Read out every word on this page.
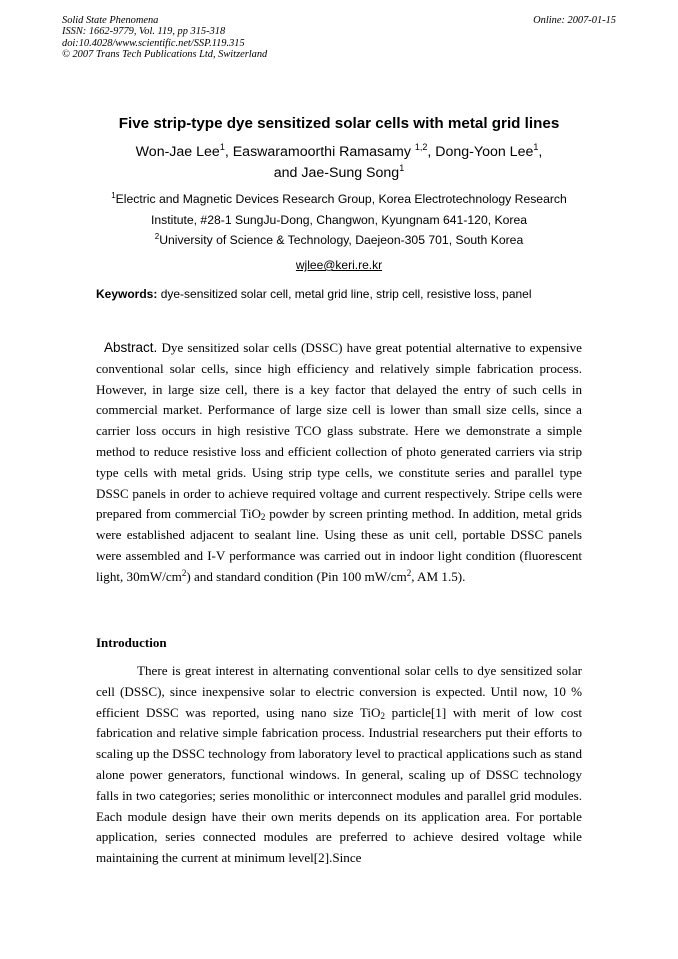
Solid State Phenomena
ISSN: 1662-9779, Vol. 119, pp 315-318
doi:10.4028/www.scientific.net/SSP.119.315
© 2007 Trans Tech Publications Ltd, Switzerland
Online: 2007-01-15
Five strip-type dye sensitized solar cells with metal grid lines
Won-Jae Lee$^1$, Easwaramoorthi Ramasamy $^{1,2}$, Dong-Yoon Lee$^1$,
and Jae-Sung Song$^1$
$^1$Electric and Magnetic Devices Research Group, Korea Electrotechnology Research
Institute, #28-1 SungJu-Dong, Changwon, Kyungnam 641-120, Korea
$^2$University of Science & Technology, Daejeon-305 701, South Korea
wjlee@keri.re.kr
Keywords: dye-sensitized solar cell, metal grid line, strip cell, resistive loss, panel
Abstract. Dye sensitized solar cells (DSSC) have great potential alternative to expensive conventional solar cells, since high efficiency and relatively simple fabrication process. However, in large size cell, there is a key factor that delayed the entry of such cells in commercial market. Performance of large size cell is lower than small size cells, since a carrier loss occurs in high resistive TCO glass substrate. Here we demonstrate a simple method to reduce resistive loss and efficient collection of photo generated carriers via strip type cells with metal grids. Using strip type cells, we constitute series and parallel type DSSC panels in order to achieve required voltage and current respectively. Stripe cells were prepared from commercial TiO$_2$ powder by screen printing method. In addition, metal grids were established adjacent to sealant line. Using these as unit cell, portable DSSC panels were assembled and I-V performance was carried out in indoor light condition (fluorescent light, $30mW/cm^2$) and standard condition (Pin 100 $mW/cm^2$, AM 1.5).
Introduction
There is great interest in alternating conventional solar cells to dye sensitized solar cell (DSSC), since inexpensive solar to electric conversion is expected. Until now, 10 % efficient DSSC was reported, using nano size TiO$_2$ particle[1] with merit of low cost fabrication and relative simple fabrication process. Industrial researchers put their efforts to scaling up the DSSC technology from laboratory level to practical applications such as stand alone power generators, functional windows. In general, scaling up of DSSC technology falls in two categories; series monolithic or interconnect modules and parallel grid modules. Each module design have their own merits depends on its application area. For portable application, series connected modules are preferred to achieve desired voltage while maintaining the current at minimum level[2].Since
